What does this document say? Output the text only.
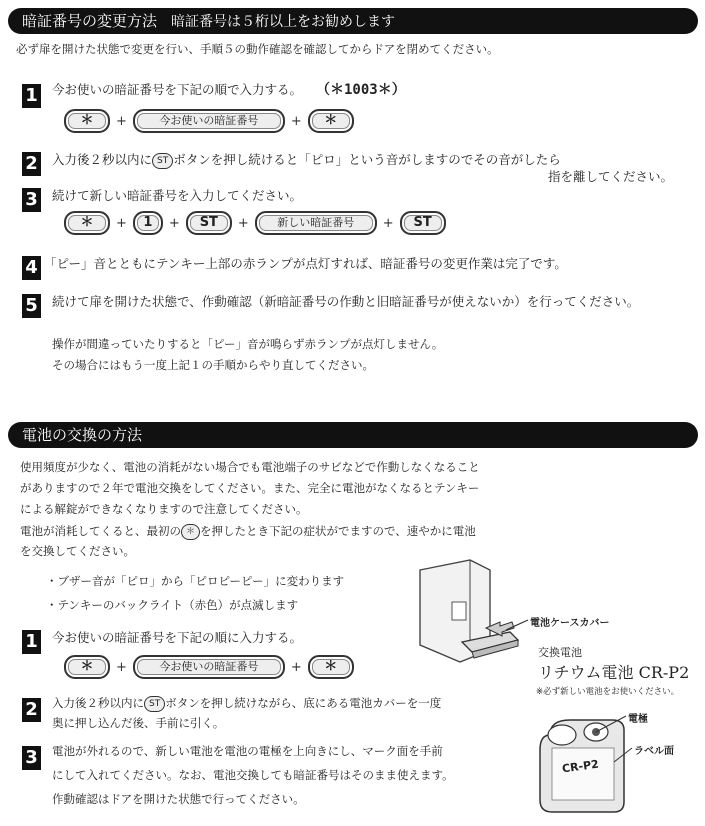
暗証番号の変更方法 暗証番号は５桁以上をお勧めします
必ず扉を開けた状態で変更を行い、手順５の動作確認を確認してからドアを閉めてください。
1 今お使いの暗証番号を下記の順で入力する。 （＊1003＊）
＊	+	今お使いの暗証番号	+	＊
2 入力後２秒以内に ST ボタンを押し続けると「ピロ」という音がしますのでその音がしたら
指を離してください。
3 続けて新しい暗証番号を入力してください。
＊	+	1	+	ST	+	新しい暗証番号	+	ST
4 「ピー」音とともにテンキー上部の赤ランプが点灯すれば、暗証番号の変更作業は完了です。
5 続けて扉を開けた状態で、作動確認（新暗証番号の作動と旧暗証番号が使えないか）を行ってください。
操作が間違っていたりすると「ピー」音が鳴らず赤ランプが点灯しません。
その場合にはもう一度上記１の手順からやり直してください。
電池の交換の方法
使用頻度が少なく、電池の消耗がない場合でも電池端子のサビなどで作動しなくなること
がありますので２年で電池交換をしてください。また、完全に電池がなくなるとテンキー
による解錠ができなくなりますので注意してください。
電池が消耗してくると、最初の ＊ を押したとき下記の症状がでますので、速やかに電池
を交換してください。
・ブザー音が「ピロ」から「ピロピーピー」に変わります
・テンキーのバックライト（赤色）が点滅します
1 今お使いの暗証番号を下記の順に入力する。
＊	+	今お使いの暗証番号	+	＊
2 入力後２秒以内に ST ボタンを押し続けながら、底にある電池カバーを一度
奥に押し込んだ後、手前に引く。
3 電池が外れるので、新しい電池を電池の電極を上向きにし、マーク面を手前
にして入れてください。なお、電池交換しても暗証番号はそのまま使えます。
作動確認はドアを開けた状態で行ってください。
電池ケースカバー
交換電池
リチウム電池 CR-P2
※必ず新しい電池をお使いください。
電極
ラベル面
CR-P2
